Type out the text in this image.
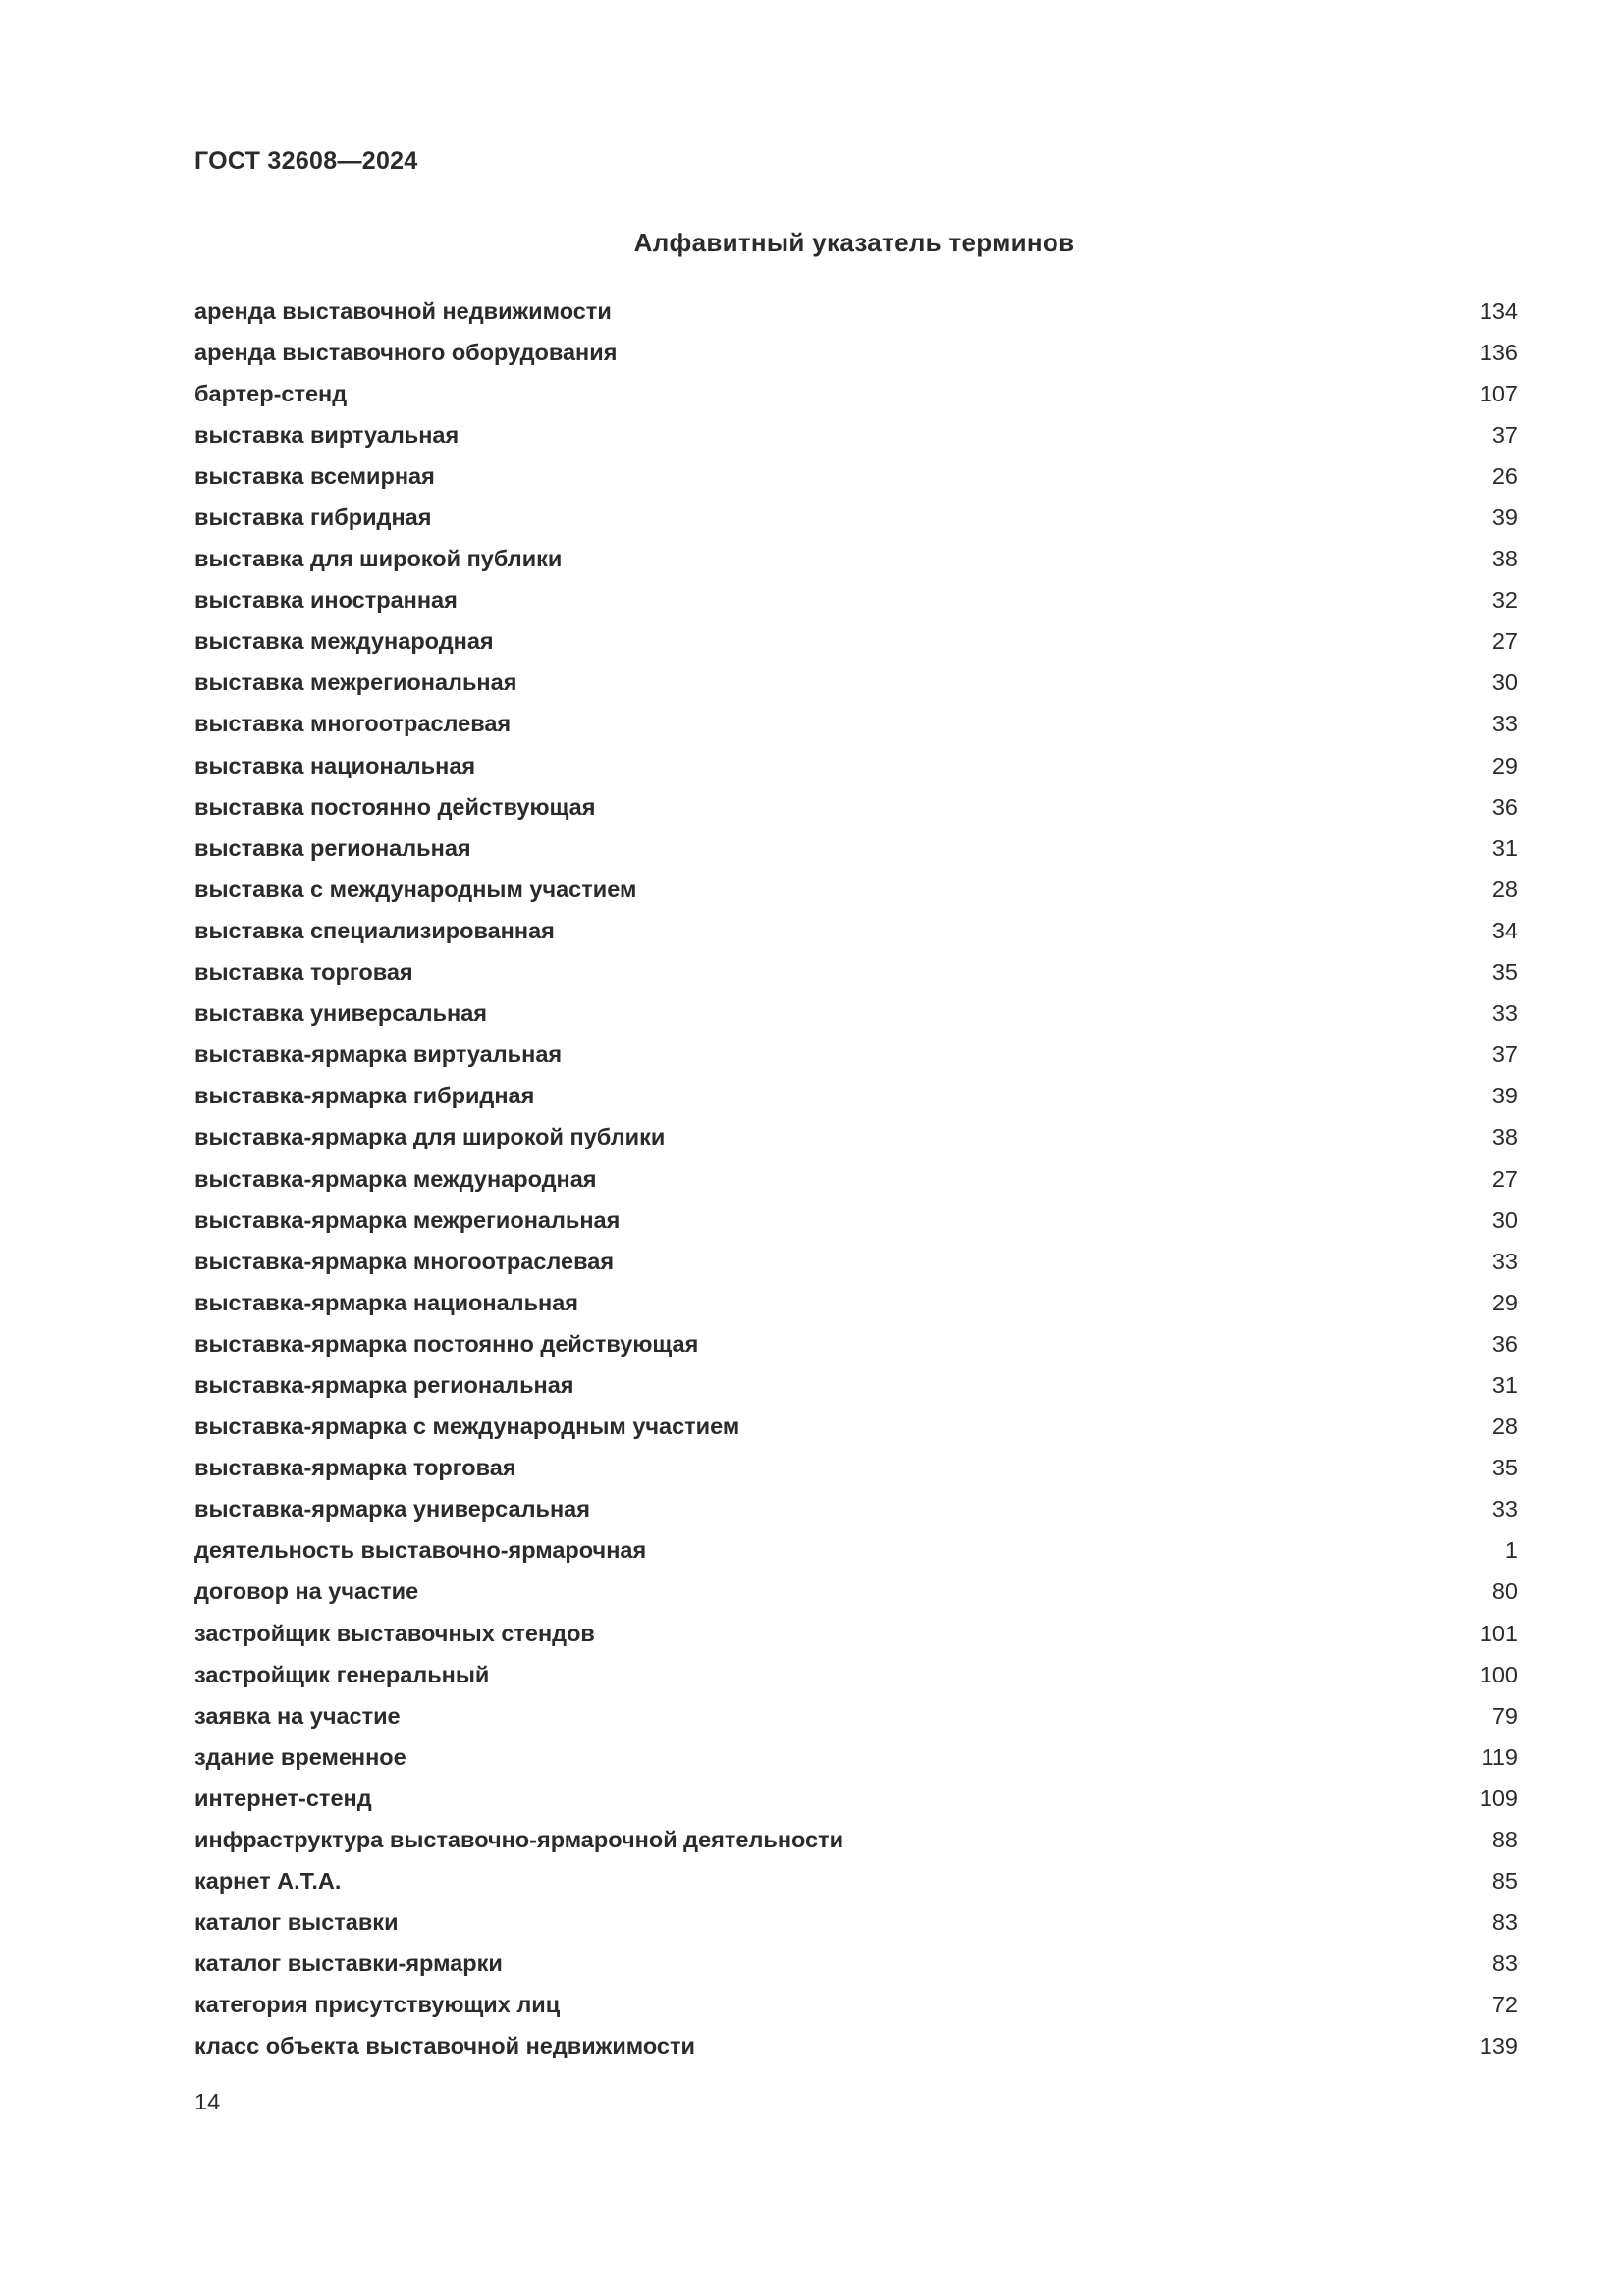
ГОСТ 32608—2024
Алфавитный указатель терминов
аренда выставочной недвижимости	134
аренда выставочного оборудования	136
бартер-стенд	107
выставка виртуальная	37
выставка всемирная	26
выставка гибридная	39
выставка для широкой публики	38
выставка иностранная	32
выставка международная	27
выставка межрегиональная	30
выставка многоотраслевая	33
выставка национальная	29
выставка постоянно действующая	36
выставка региональная	31
выставка с международным участием	28
выставка специализированная	34
выставка торговая	35
выставка универсальная	33
выставка-ярмарка виртуальная	37
выставка-ярмарка гибридная	39
выставка-ярмарка для широкой публики	38
выставка-ярмарка международная	27
выставка-ярмарка межрегиональная	30
выставка-ярмарка многоотраслевая	33
выставка-ярмарка национальная	29
выставка-ярмарка постоянно действующая	36
выставка-ярмарка региональная	31
выставка-ярмарка с международным участием	28
выставка-ярмарка торговая	35
выставка-ярмарка универсальная	33
деятельность выставочно-ярмарочная	1
договор на участие	80
застройщик выставочных стендов	101
застройщик генеральный	100
заявка на участие	79
здание временное	119
интернет-стенд	109
инфраструктура выставочно-ярмарочной деятельности	88
карнет А.Т.А.	85
каталог выставки	83
каталог выставки-ярмарки	83
категория присутствующих лиц	72
класс объекта выставочной недвижимости	139
14
